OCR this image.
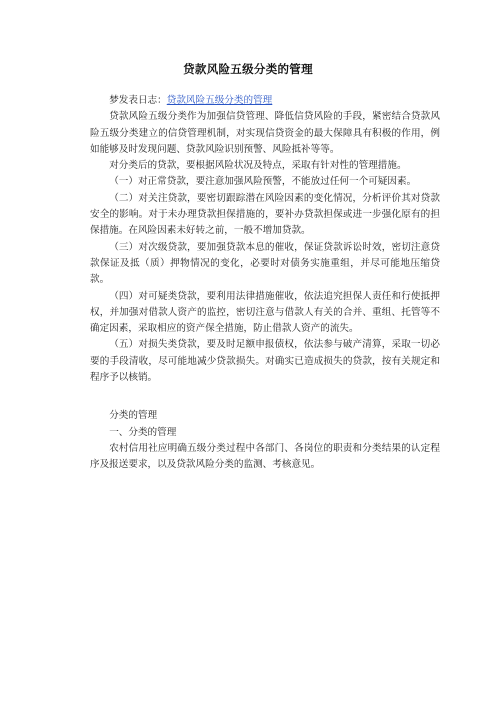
贷款风险五级分类的管理

梦发表日志：贷款风险五级分类的管理

贷款风险五级分类作为加强信贷管理、降低信贷风险的手段，紧密结合贷款风险五级分类建立的信贷管理机制，对实现信贷资金的最大保障具有积极的作用，例如能够及时发现问题、贷款风险识别预警、风险抵补等等。

对分类后的贷款，要根据风险状况及特点，采取有针对性的管理措施。

（一）对正常贷款，要注意加强风险预警，不能放过任何一个可疑因素。

（二）对关注贷款，要密切跟踪潜在风险因素的变化情况，分析评价其对贷款安全的影响。对于未办理贷款担保措施的，要补办贷款担保或进一步强化原有的担保措施。在风险因素未好转之前，一般不增加贷款。

（三）对次级贷款，要加强贷款本息的催收，保证贷款诉讼时效，密切注意贷款保证及抵（质）押物情况的变化，必要时对债务实施重组，并尽可能地压缩贷款。

（四）对可疑类贷款，要利用法律措施催收，依法追究担保人责任和行使抵押权，并加强对借款人资产的监控，密切注意与借款人有关的合并、重组、托管等不确定因素，采取相应的资产保全措施，防止借款人资产的流失。

（五）对损失类贷款，要及时足额申报债权，依法参与破产清算，采取一切必要的手段清收，尽可能地减少贷款损失。对确实已造成损失的贷款，按有关规定和程序予以核销。

分类的管理

一、分类的管理

农村信用社应明确五级分类过程中各部门、各岗位的职责和分类结果的认定程序及报送要求，以及贷款风险分类的监测、考核意见。
